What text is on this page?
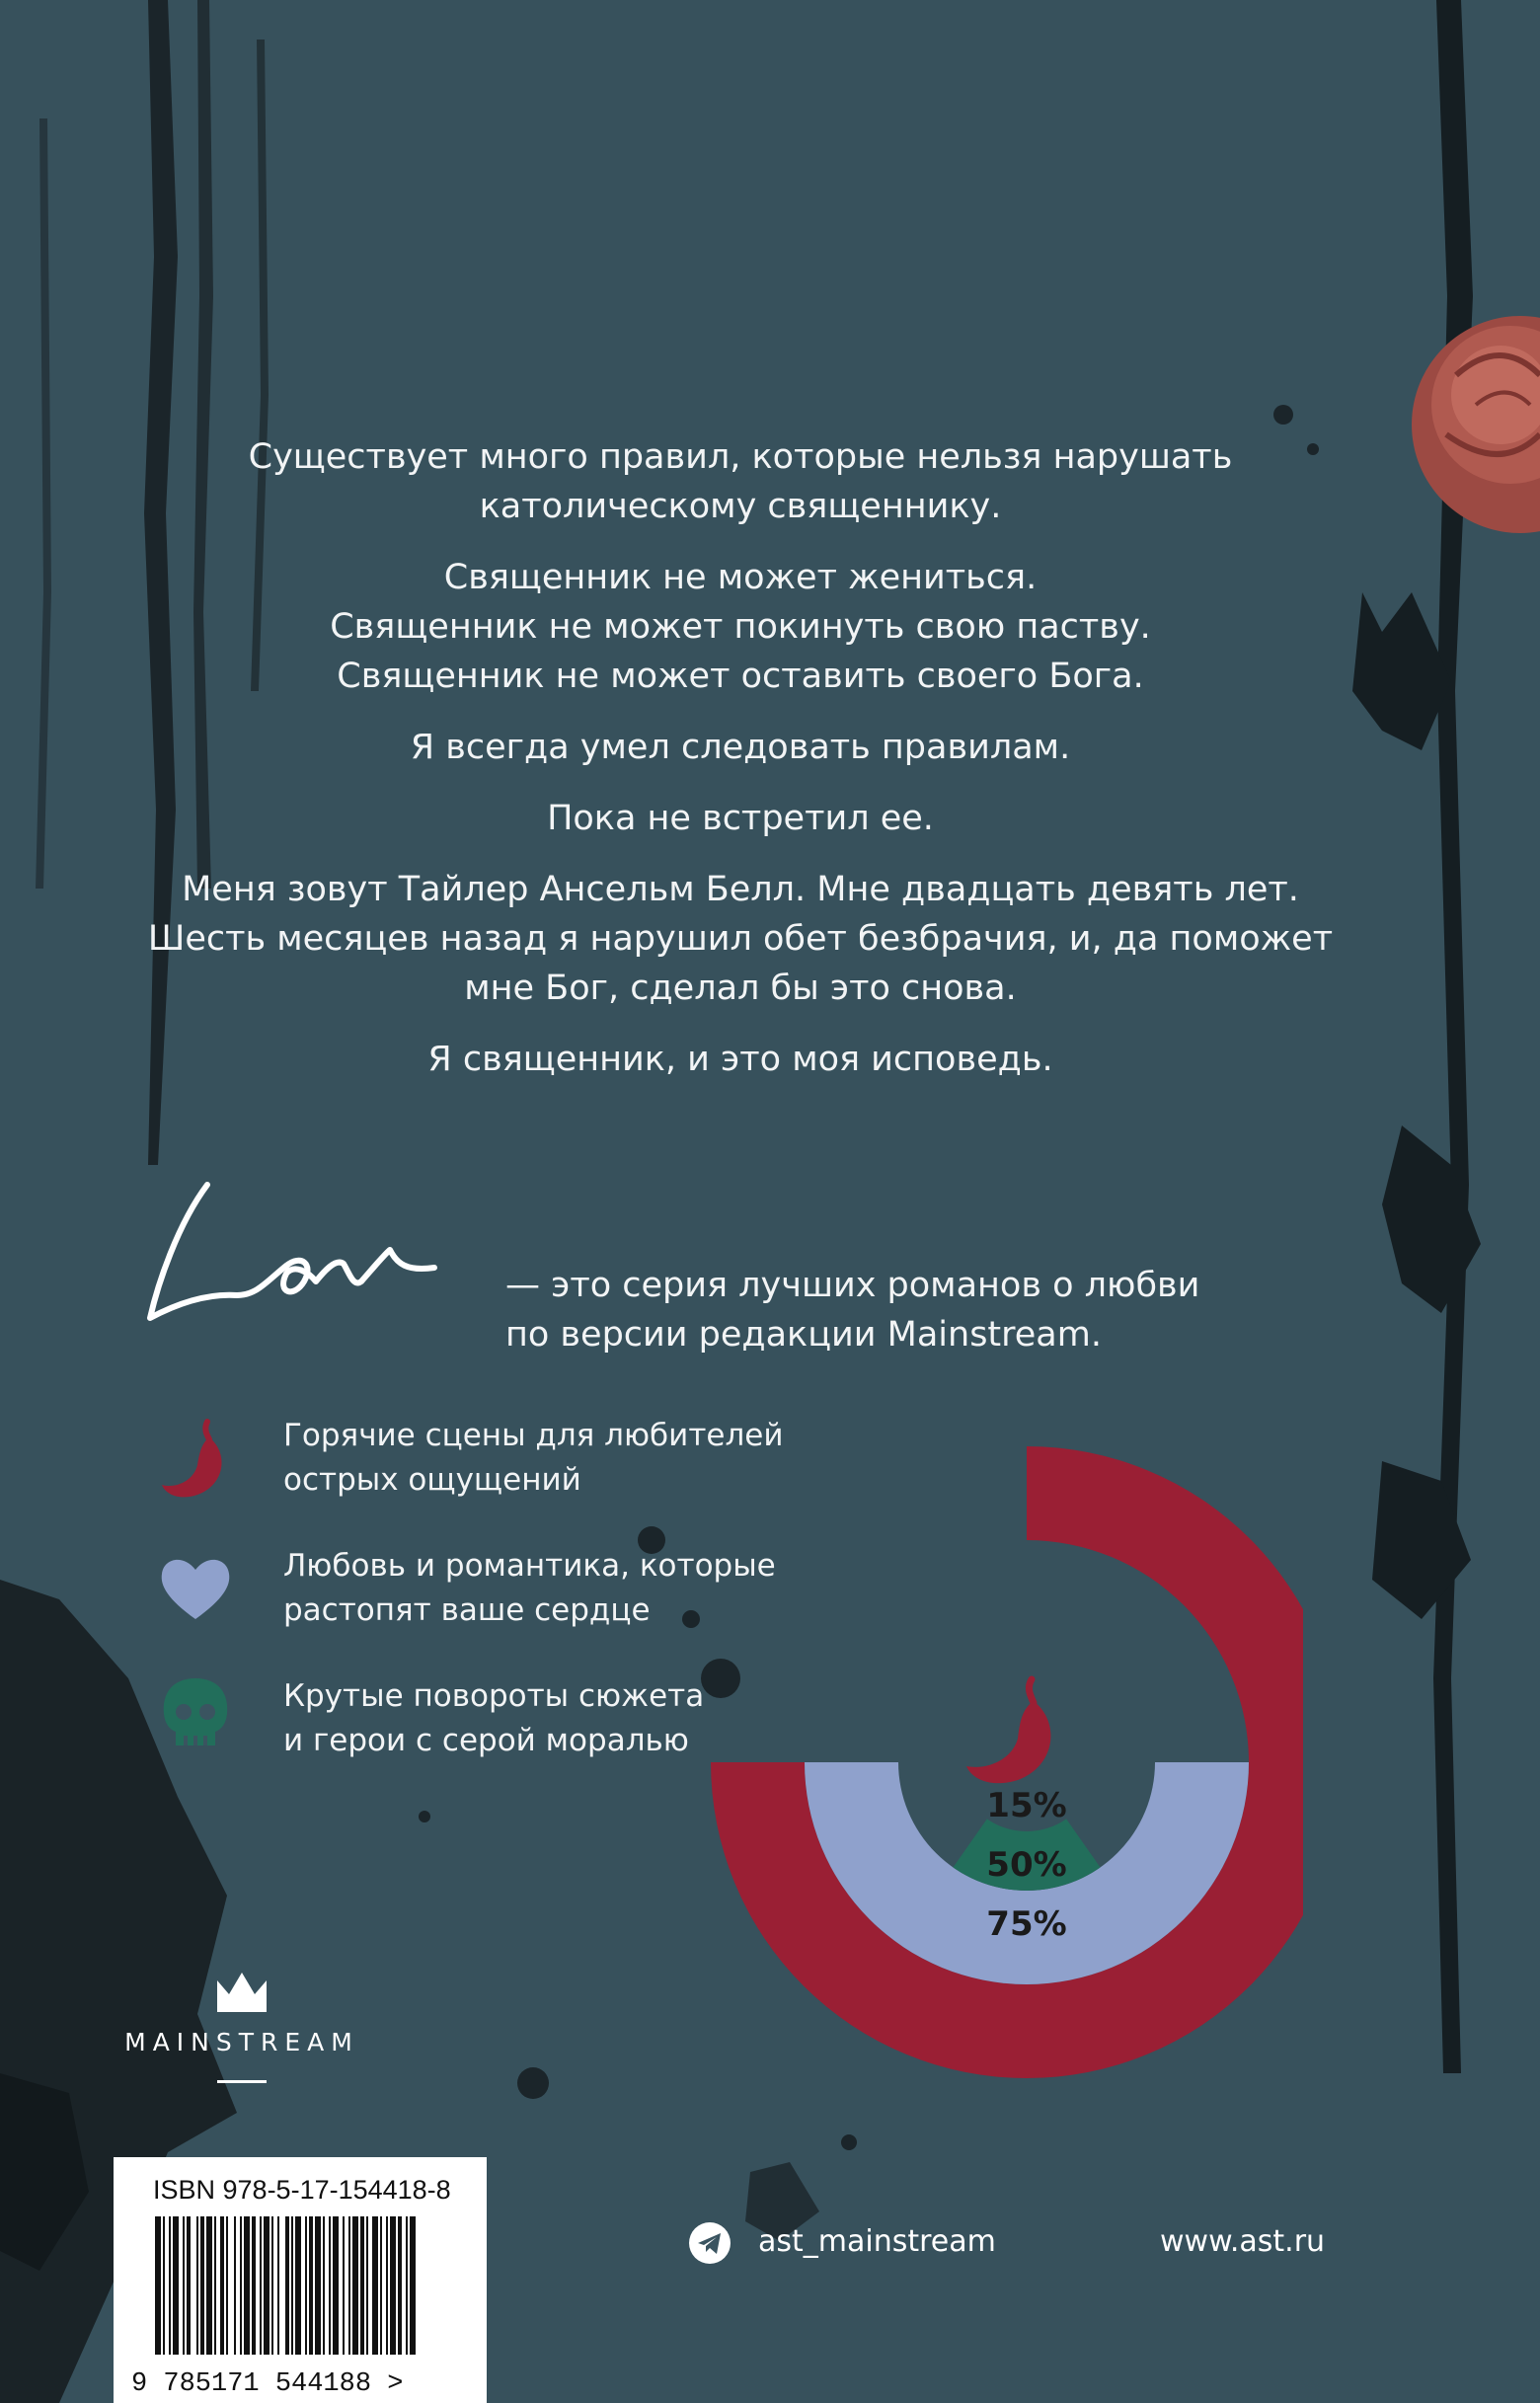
Существует много правил, которые нельзя нарушать
католическому священнику.

Священник не может жениться.
Священник не может покинуть свою паству.
Священник не может оставить своего Бога.

Я всегда умел следовать правилам.

Пока не встретил ее.

Меня зовут Тайлер Ансельм Белл. Мне двадцать девять лет.
Шесть месяцев назад я нарушил обет безбрачия, и, да поможет
мне Бог, сделал бы это снова.

Я священник, и это моя исповедь.

— это серия лучших романов о любви
по версии редакции Mainstream.
Горячие сцены для любителей
острых ощущений
Любовь и романтика, которые
растопят ваше сердце
Крутые повороты сюжета
и герои с серой моралью
75%
50%
15%
MAINSTREAM
ISBN 978-5-17-154418-8
9 785171 544188 >
ast_mainstream	www.ast.ru
